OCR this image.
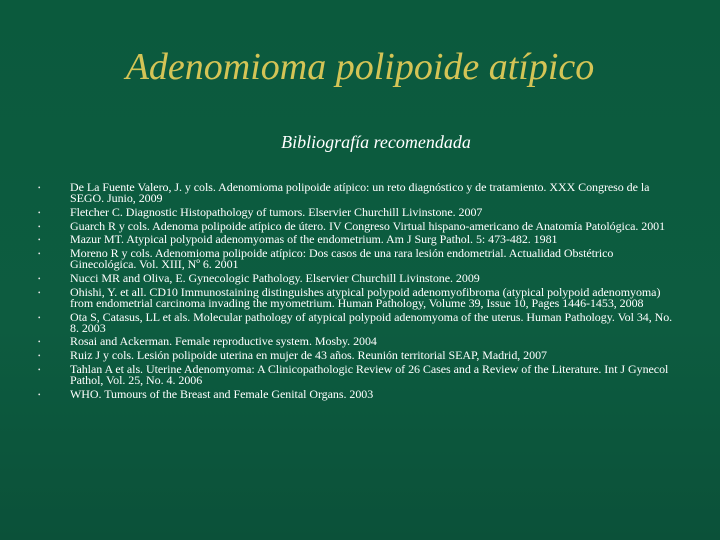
Adenomioma polipoide atípico
Bibliografía recomendada
• De La Fuente Valero, J. y cols. Adenomioma polipoide atípico: un reto diagnóstico y de tratamiento. XXX Congreso de la SEGO. Junio, 2009
• Fletcher C. Diagnostic Histopathology of tumors. Elservier Churchill Livinstone. 2007
• Guarch R y cols. Adenoma polipoide atípico de útero. IV Congreso Virtual hispano-americano de Anatomía Patológica. 2001
• Mazur MT. Atypical polypoid adenomyomas of the endometrium. Am J Surg Pathol. 5: 473-482. 1981
• Moreno R y cols. Adenomioma polipoide atípico: Dos casos de una rara lesión endometrial. Actualidad Obstétrico Ginecológica. Vol. XIII, Nº 6. 2001
• Nucci MR and Oliva, E. Gynecologic Pathology. Elservier Churchill Livinstone. 2009
• Ohishi, Y. et all. CD10 Immunostaining distinguishes atypical polypoid adenomyofibroma (atypical polypoid adenomyoma) from endometrial carcinoma invading the myometrium. Human Pathology, Volume 39, Issue 10, Pages 1446-1453, 2008
• Ota S, Catasus, LL et als. Molecular pathology of atypical polypoid adenomyoma of the uterus. Human Pathology. Vol 34, No. 8. 2003
• Rosai and Ackerman. Female reproductive system. Mosby. 2004
• Ruiz J y cols. Lesión polipoide uterina en mujer de 43 años. Reunión territorial SEAP, Madrid, 2007
• Tahlan A et als. Uterine Adenomyoma: A Clinicopathologic Review of 26 Cases and a Review of the Literature. Int J Gynecol Pathol, Vol. 25, No. 4. 2006
• WHO. Tumours of the Breast and Female Genital Organs. 2003
